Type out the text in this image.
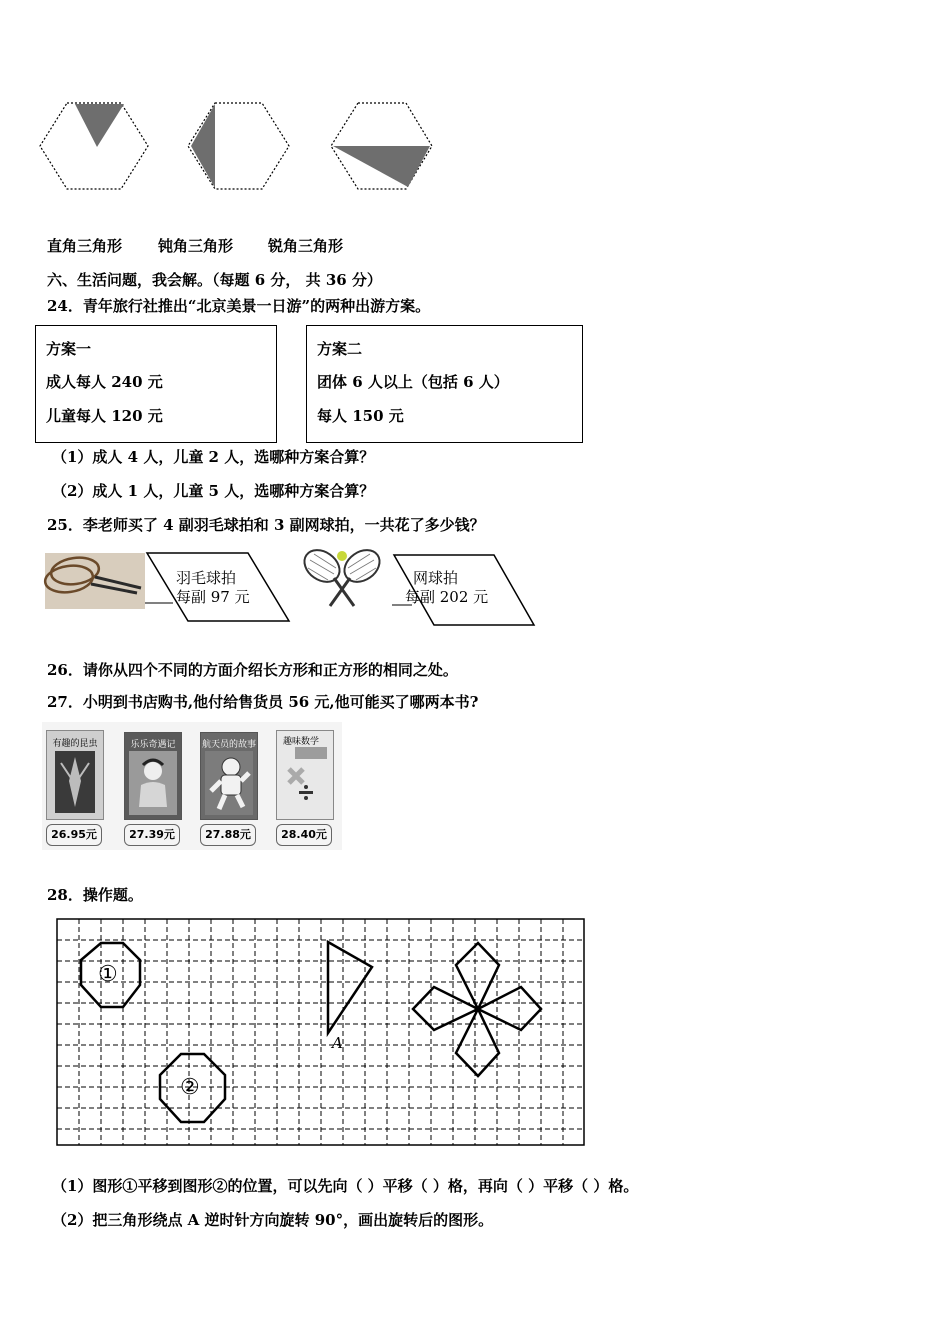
直角三角形 钝角三角形 锐角三角形
六、生活问题，我会解。（每题 6 分， 共 36 分）
24．青年旅行社推出“北京美景一日游”的两种出游方案。
方案一
成人每人 240 元
儿童每人 120 元
方案二
团体 6 人以上（包括 6 人）
每人 150 元
（1）成人 4 人，儿童 2 人，选哪种方案合算？
（2）成人 1 人，儿童 5 人，选哪种方案合算？
25．李老师买了 4 副羽毛球拍和 3 副网球拍，一共花了多少钱？
羽毛球拍
每副 97 元
网球拍
每副 202 元
26．请你从四个不同的方面介绍长方形和正方形的相同之处。
27．小明到书店购书,他付给售货员 56 元,他可能买了哪两本书?
有趣的昆虫
26.95元
乐乐奇遇记
27.39元
航天员的故事
27.88元
趣味数学
28.40元
28．操作题。
①
②
A
（1）图形①平移到图形②的位置，可以先向（ ）平移（ ）格，再向（ ）平移（ ）格。
（2）把三角形绕点 A 逆时针方向旋转 90°，画出旋转后的图形。
